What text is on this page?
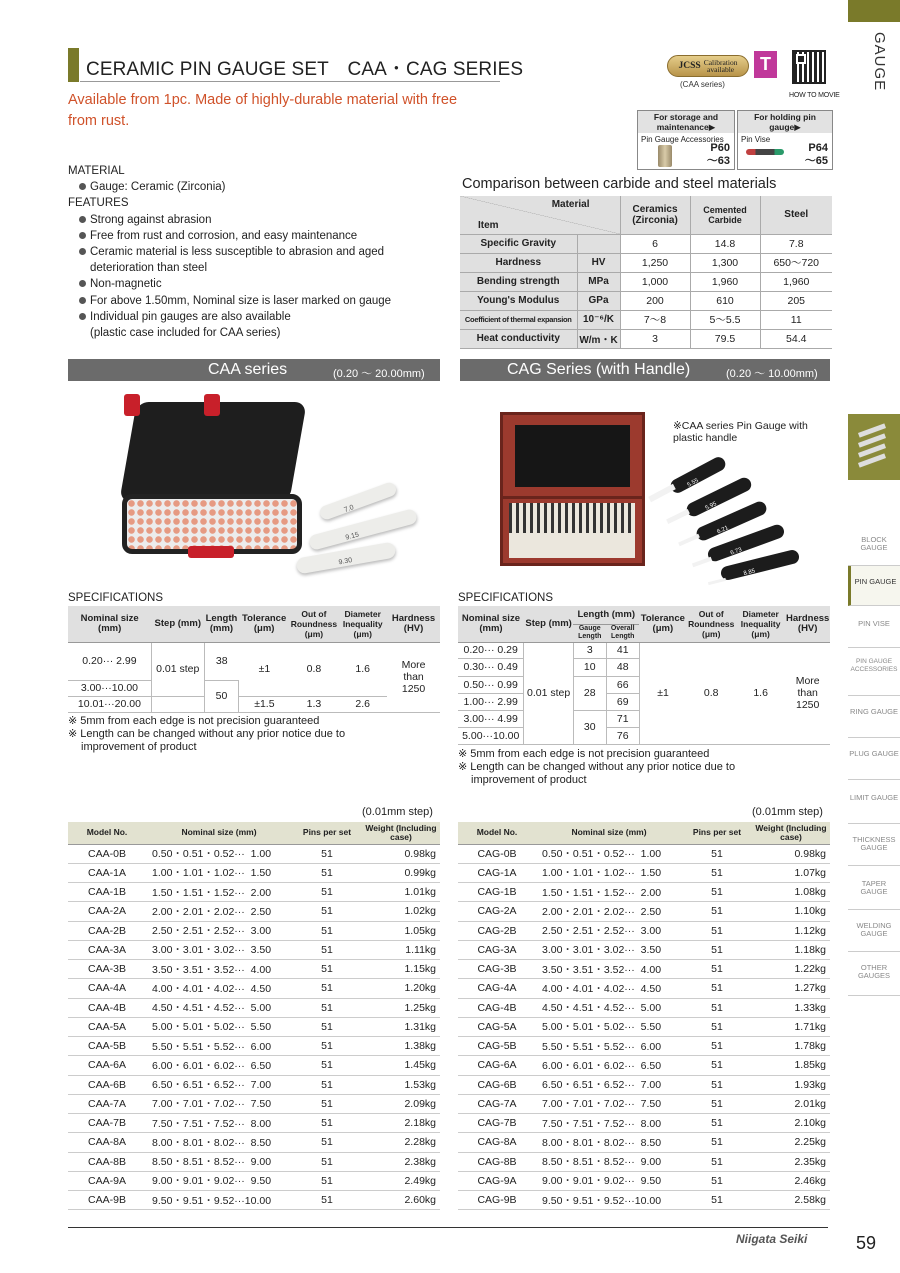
CERAMIC PIN GAUGE SET　CAA・CAG SERIES
Available from 1pc. Made of highly-durable material with free from rust.
JCSS Calibration
available
(CAA series)
T
HOW TO MOVIE
For storage and maintenance▶
Pin Gauge Accessories
P60
～63
For holding pin gauge▶
Pin Vise
P64
～65
GAUGE
BLOCK GAUGE
PIN GAUGE
PIN VISE
PIN GAUGE ACCESSORIES
RING GAUGE
PLUG GAUGE
LIMIT GAUGE
THICKNESS GAUGE
TAPER GAUGE
WELDING GAUGE
OTHER GAUGES
MATERIAL
Gauge: Ceramic (Zirconia)
FEATURES
Strong against abrasion
Free from rust and corrosion, and easy maintenance
Ceramic material is less susceptible to abrasion and aged
deterioration than steel
Non-magnetic
For above 1.50mm, Nominal size is laser marked on gauge
Individual pin gauges are also available
(plastic case included for CAA series)
Comparison between carbide and steel materials
Material
Item		Ceramics (Zirconia)	Cemented Carbide	Steel
Specific Gravity		6	14.8	7.8
Hardness	HV	1,250	1,300	650～720
Bending strength	MPa	1,000	1,960	1,960
Young's Modulus	GPa	200	610	205
Coefficient of thermal expansion	10⁻⁶/K	7～8	5～5.5	11
Heat conductivity	W/m・K	3	79.5	54.4
CAA series	(0.20 ～ 20.00mm)	CAG Series (with Handle)	(0.20 ～ 10.00mm)
7.0
9.15
9.30
※CAA series Pin Gauge with plastic handle
5.55
5.95
6.21
6.73
8.85
SPECIFICATIONS
Nominal size (mm)	Step (mm)	Length (mm)	Tolerance (μm)	Out of Roundness (μm)	Diameter Inequality (μm)	Hardness (HV)
0.20··· 2.99	0.01 step	38	±1	0.8	1.6	More than 1250
3.00···10.00		50				
10.01···20.00			±1.5	1.3	2.6	
※ 5mm from each edge is not precision guaranteed
※ Length can be changed without any prior notice due to
improvement of product
SPECIFICATIONS
Nominal size (mm)	Step (mm)	Length (mm)		Tolerance (μm)	Out of Roundness (μm)	Diameter Inequality (μm)	Hardness (HV)
		Gauge Length	Overall Length				
0.20··· 0.29	0.01 step	3	41	±1	0.8	1.6	More than 1250
0.30··· 0.49		10	48				
0.50··· 0.99		28	66				
1.00··· 2.99			69				
3.00··· 4.99		30	71				
5.00···10.00			76				
※ 5mm from each edge is not precision guaranteed
※ Length can be changed without any prior notice due to
improvement of product
(0.01mm step)	(0.01mm step)
Model No.	Nominal size (mm)	Pins per set	Weight (Including case)
CAA-0B	0.50・0.51・0.52···  1.00	51	0.98kg
CAA-1A	1.00・1.01・1.02···  1.50	51	0.99kg
CAA-1B	1.50・1.51・1.52···  2.00	51	1.01kg
CAA-2A	2.00・2.01・2.02···  2.50	51	1.02kg
CAA-2B	2.50・2.51・2.52···  3.00	51	1.05kg
CAA-3A	3.00・3.01・3.02···  3.50	51	1.11kg
CAA-3B	3.50・3.51・3.52···  4.00	51	1.15kg
CAA-4A	4.00・4.01・4.02···  4.50	51	1.20kg
CAA-4B	4.50・4.51・4.52···  5.00	51	1.25kg
CAA-5A	5.00・5.01・5.02···  5.50	51	1.31kg
CAA-5B	5.50・5.51・5.52···  6.00	51	1.38kg
CAA-6A	6.00・6.01・6.02···  6.50	51	1.45kg
CAA-6B	6.50・6.51・6.52···  7.00	51	1.53kg
CAA-7A	7.00・7.01・7.02···  7.50	51	2.09kg
CAA-7B	7.50・7.51・7.52···  8.00	51	2.18kg
CAA-8A	8.00・8.01・8.02···  8.50	51	2.28kg
CAA-8B	8.50・8.51・8.52···  9.00	51	2.38kg
CAA-9A	9.00・9.01・9.02···  9.50	51	2.49kg
CAA-9B	9.50・9.51・9.52···10.00	51	2.60kg
Model No.	Nominal size (mm)	Pins per set	Weight (Including case)
CAG-0B	0.50・0.51・0.52···  1.00	51	0.98kg
CAG-1A	1.00・1.01・1.02···  1.50	51	1.07kg
CAG-1B	1.50・1.51・1.52···  2.00	51	1.08kg
CAG-2A	2.00・2.01・2.02···  2.50	51	1.10kg
CAG-2B	2.50・2.51・2.52···  3.00	51	1.12kg
CAG-3A	3.00・3.01・3.02···  3.50	51	1.18kg
CAG-3B	3.50・3.51・3.52···  4.00	51	1.22kg
CAG-4A	4.00・4.01・4.02···  4.50	51	1.27kg
CAG-4B	4.50・4.51・4.52···  5.00	51	1.33kg
CAG-5A	5.00・5.01・5.02···  5.50	51	1.71kg
CAG-5B	5.50・5.51・5.52···  6.00	51	1.78kg
CAG-6A	6.00・6.01・6.02···  6.50	51	1.85kg
CAG-6B	6.50・6.51・6.52···  7.00	51	1.93kg
CAG-7A	7.00・7.01・7.02···  7.50	51	2.01kg
CAG-7B	7.50・7.51・7.52···  8.00	51	2.10kg
CAG-8A	8.00・8.01・8.02···  8.50	51	2.25kg
CAG-8B	8.50・8.51・8.52···  9.00	51	2.35kg
CAG-9A	9.00・9.01・9.02···  9.50	51	2.46kg
CAG-9B	9.50・9.51・9.52···10.00	51	2.58kg
Niigata Seiki	59
